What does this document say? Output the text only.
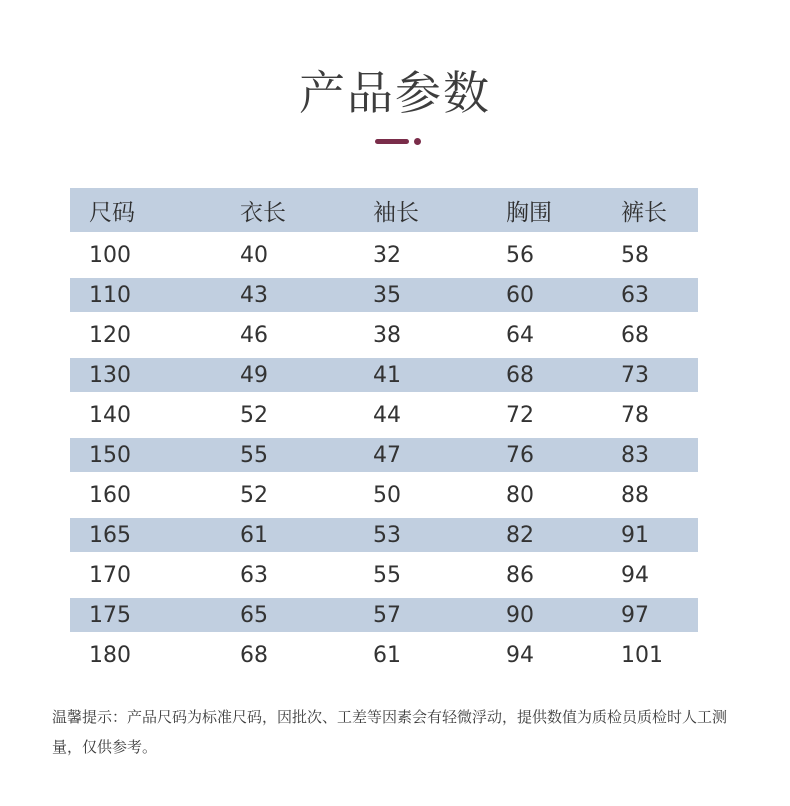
产品参数
尺码	衣长	袖长	胸围	裤长
100	40	32	56	58
110	43	35	60	63
120	46	38	64	68
130	49	41	68	73
140	52	44	72	78
150	55	47	76	83
160	52	50	80	88
165	61	53	82	91
170	63	55	86	94
175	65	57	90	97
180	68	61	94	101
温馨提示：产品尺码为标准尺码，因批次、工差等因素会有轻微浮动，提供数值为质检员质检时人工测量，仅供参考。
